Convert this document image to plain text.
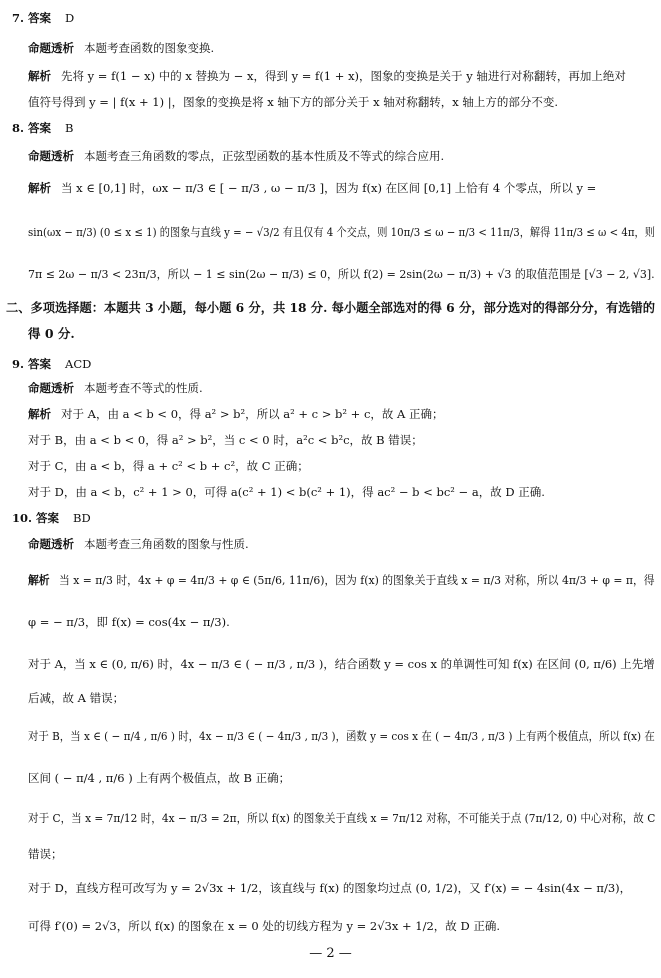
7. 答案 D
命题透析 本题考查函数的图象变换.
解析 先将 y = f(1 − x) 中的 x 替换为 − x，得到 y = f(1 + x)，图象的变换是关于 y 轴进行对称翻转，再加上绝对
值符号得到 y = | f(x + 1) |，图象的变换是将 x 轴下方的部分关于 x 轴对称翻转，x 轴上方的部分不变.
8. 答案 B
命题透析 本题考查三角函数的零点，正弦型函数的基本性质及不等式的综合应用.
解析 当 x ∈ [0,1] 时，ωx − π/3 ∈ [ − π/3 , ω − π/3 ]，因为 f(x) 在区间 [0,1] 上恰有 4 个零点，所以 y =
sin(ωx − π/3) (0 ≤ x ≤ 1) 的图象与直线 y = − √3/2 有且仅有 4 个交点，则 10π/3 ≤ ω − π/3 < 11π/3，解得 11π/3 ≤ ω < 4π，则
7π ≤ 2ω − π/3 < 23π/3，所以 − 1 ≤ sin(2ω − π/3) ≤ 0，所以 f(2) = 2sin(2ω − π/3) + √3 的取值范围是 [√3 − 2, √3].
二、多项选择题：本题共 3 小题，每小题 6 分，共 18 分. 每小题全部选对的得 6 分，部分选对的得部分分，有选错的
得 0 分.
9. 答案 ACD
命题透析 本题考查不等式的性质.
解析 对于 A，由 a < b < 0，得 a² > b²，所以 a² + c > b² + c，故 A 正确；
对于 B，由 a < b < 0，得 a² > b²，当 c < 0 时，a²c < b²c，故 B 错误；
对于 C，由 a < b，得 a + c² < b + c²，故 C 正确；
对于 D，由 a < b，c² + 1 > 0，可得 a(c² + 1) < b(c² + 1)，得 ac² − b < bc² − a，故 D 正确.
10. 答案 BD
命题透析 本题考查三角函数的图象与性质.
解析 当 x = π/3 时，4x + φ = 4π/3 + φ ∈ (5π/6, 11π/6)，因为 f(x) 的图象关于直线 x = π/3 对称，所以 4π/3 + φ = π，得
φ = − π/3，即 f(x) = cos(4x − π/3).
对于 A，当 x ∈ (0, π/6) 时，4x − π/3 ∈ ( − π/3 , π/3 )，结合函数 y = cos x 的单调性可知 f(x) 在区间 (0, π/6) 上先增
后减，故 A 错误；
对于 B，当 x ∈ ( − π/4 , π/6 ) 时，4x − π/3 ∈ ( − 4π/3 , π/3 )，函数 y = cos x 在 ( − 4π/3 , π/3 ) 上有两个极值点，所以 f(x) 在
区间 ( − π/4 , π/6 ) 上有两个极值点，故 B 正确；
对于 C，当 x = 7π/12 时，4x − π/3 = 2π，所以 f(x) 的图象关于直线 x = 7π/12 对称，不可能关于点 (7π/12, 0) 中心对称，故 C
错误；
对于 D，直线方程可改写为 y = 2√3x + 1/2，该直线与 f(x) 的图象均过点 (0, 1/2)，又 f′(x) = − 4sin(4x − π/3)，
可得 f′(0) = 2√3，所以 f(x) 的图象在 x = 0 处的切线方程为 y = 2√3x + 1/2，故 D 正确.
— 2 —
